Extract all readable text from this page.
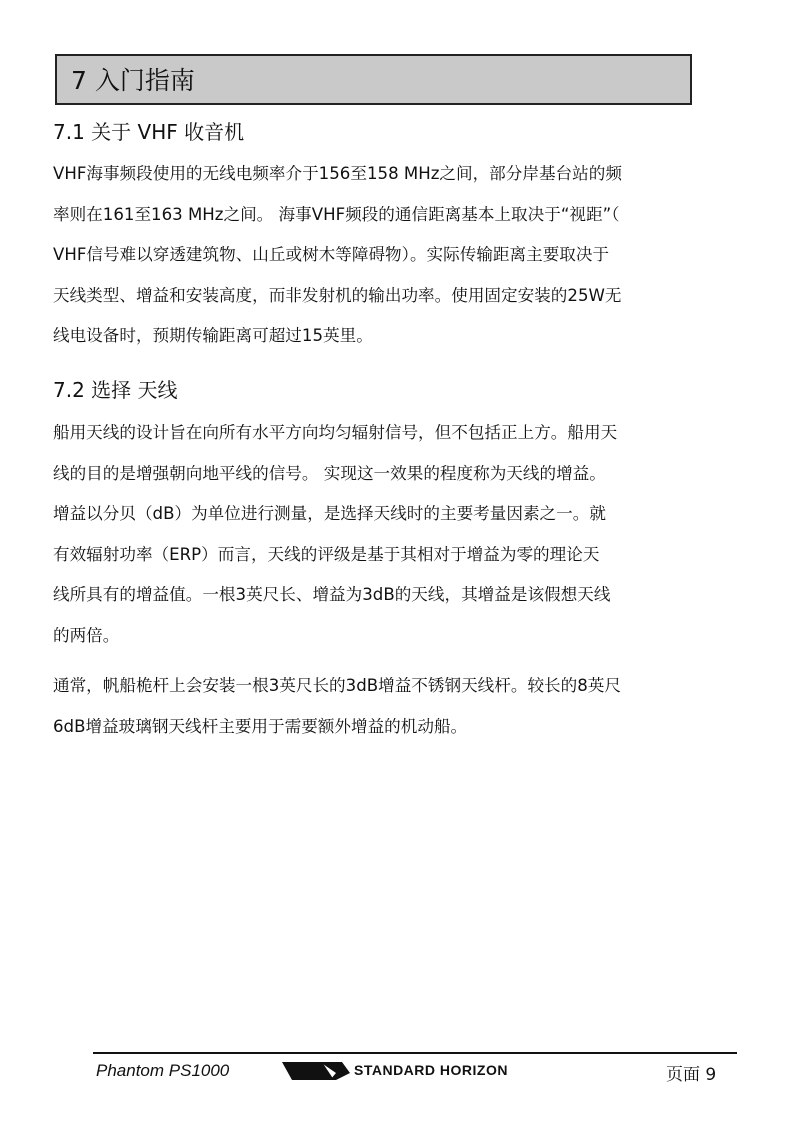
7 入门指南
7.1 关于 VHF 收音机
VHF海事频段使用的无线电频率介于156至158 MHz之间，部分岸基台站的频
率则在161至163 MHz之间。 海事VHF频段的通信距离基本上取决于“视距”（
VHF信号难以穿透建筑物、山丘或树木等障碍物）。实际传输距离主要取决于
天线类型、增益和安装高度，而非发射机的输出功率。使用固定安装的25W无
线电设备时，预期传输距离可超过15英里。
7.2 选择 天线
船用天线的设计旨在向所有水平方向均匀辐射信号，但不包括正上方。船用天
线的目的是增强朝向地平线的信号。 实现这一效果的程度称为天线的增益。
增益以分贝（dB）为单位进行测量，是选择天线时的主要考量因素之一。就
有效辐射功率（ERP）而言，天线的评级是基于其相对于增益为零的理论天
线所具有的增益值。一根3英尺长、增益为3dB的天线，其增益是该假想天线
的两倍。
通常，帆船桅杆上会安装一根3英尺长的3dB增益不锈钢天线杆。较长的8英尺
6dB增益玻璃钢天线杆主要用于需要额外增益的机动船。
Phantom PS1000	STANDARD HORIZON	页面 9
